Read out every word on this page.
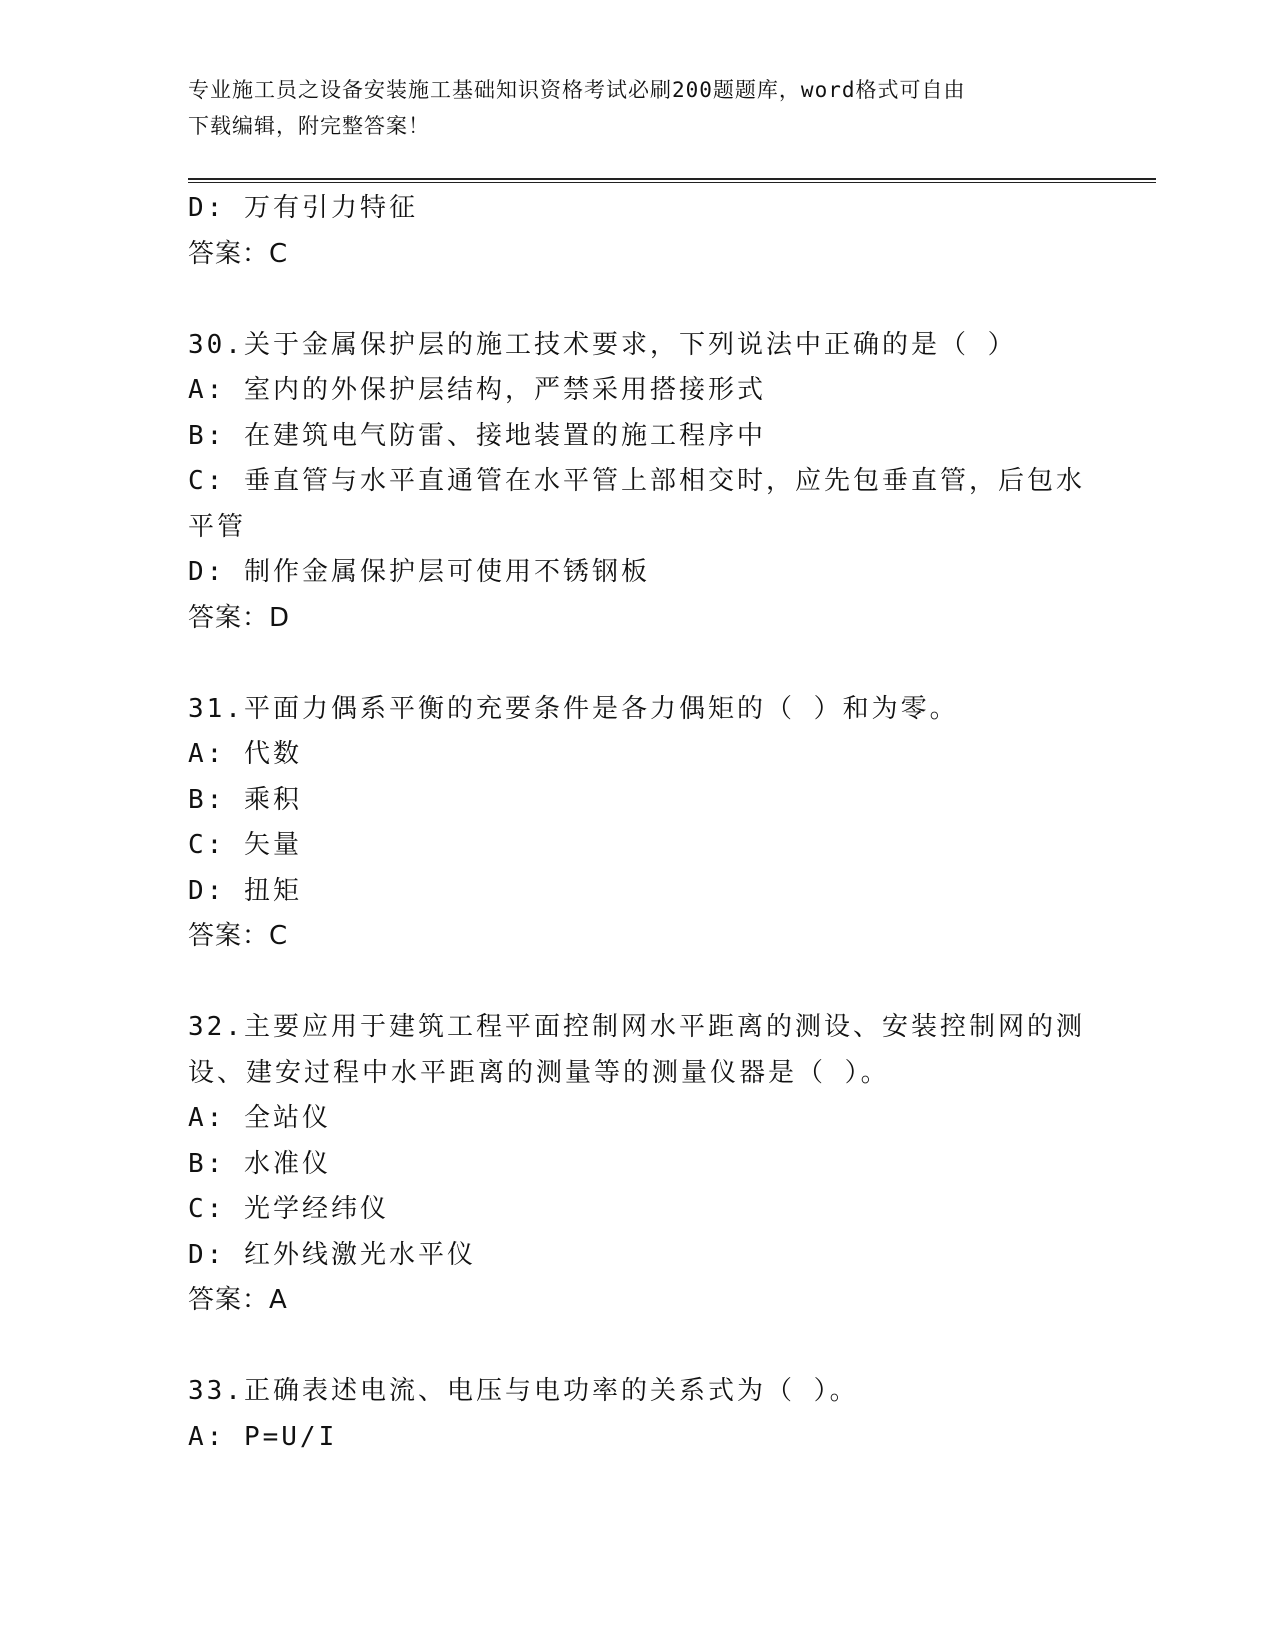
专业施工员之设备安装施工基础知识资格考试必刷200题题库，word格式可自由
下载编辑，附完整答案！
D: 万有引力特征
答案：C
30.关于金属保护层的施工技术要求，下列说法中正确的是（ ）
A: 室内的外保护层结构，严禁采用搭接形式
B: 在建筑电气防雷、接地装置的施工程序中
C: 垂直管与水平直通管在水平管上部相交时，应先包垂直管，后包水
平管
D: 制作金属保护层可使用不锈钢板
答案：D
31.平面力偶系平衡的充要条件是各力偶矩的（ ）和为零。
A: 代数
B: 乘积
C: 矢量
D: 扭矩
答案：C
32.主要应用于建筑工程平面控制网水平距离的测设、安装控制网的测
设、建安过程中水平距离的测量等的测量仪器是（ ）。
A: 全站仪
B: 水准仪
C: 光学经纬仪
D: 红外线激光水平仪
答案：A
33.正确表述电流、电压与电功率的关系式为（ ）。
A: P=U/I
